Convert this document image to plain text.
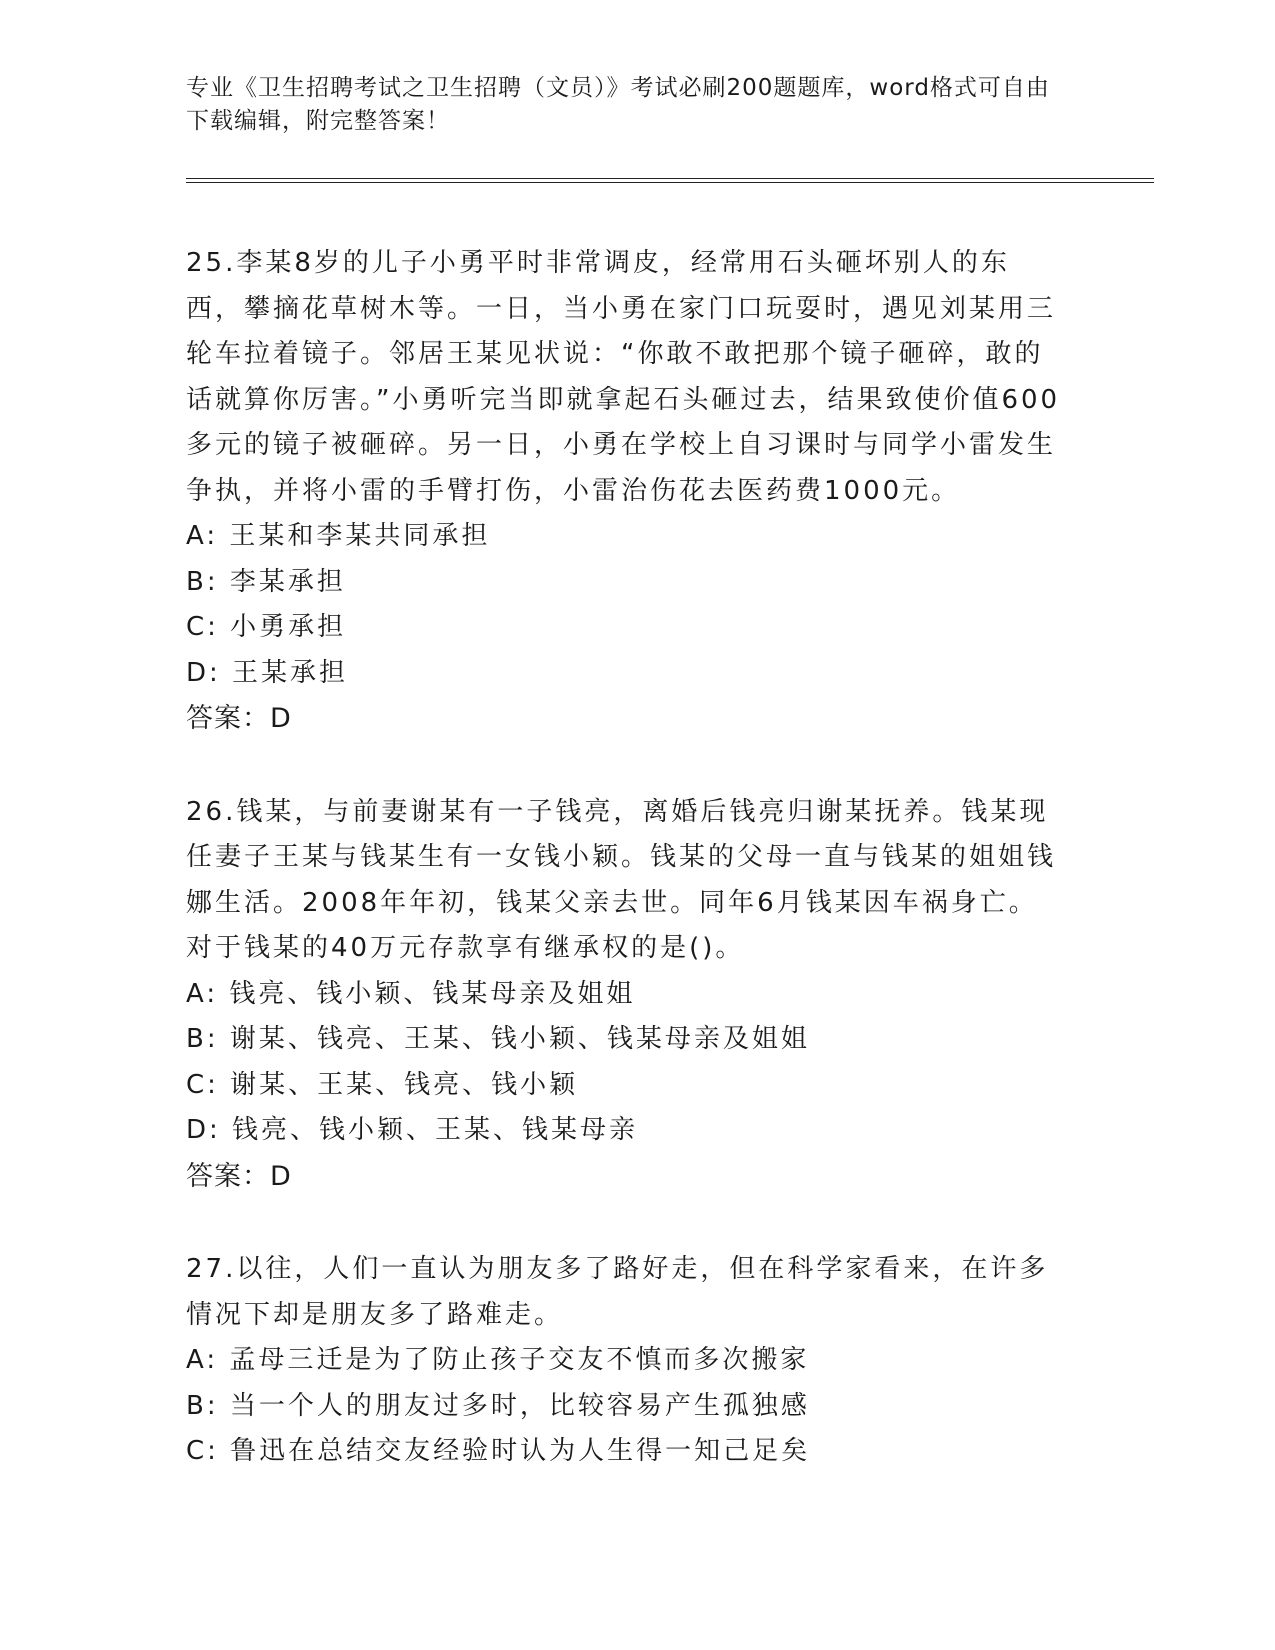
专业《卫生招聘考试之卫生招聘（文员）》考试必刷200题题库，word格式可自由下载编辑，附完整答案！

25.李某8岁的儿子小勇平时非常调皮，经常用石头砸坏别人的东西，攀摘花草树木等。一日，当小勇在家门口玩耍时，遇见刘某用三轮车拉着镜子。邻居王某见状说：“你敢不敢把那个镜子砸碎，敢的话就算你厉害。”小勇听完当即就拿起石头砸过去，结果致使价值600多元的镜子被砸碎。另一日，小勇在学校上自习课时与同学小雷发生争执，并将小雷的手臂打伤，小雷治伤花去医药费1000元。

A: 王某和李某共同承担

B: 李某承担

C: 小勇承担

D: 王某承担

答案：D

26.钱某，与前妻谢某有一子钱亮，离婚后钱亮归谢某抚养。钱某现任妻子王某与钱某生有一女钱小颖。钱某的父母一直与钱某的姐姐钱娜生活。2008年年初，钱某父亲去世。同年6月钱某因车祸身亡。对于钱某的40万元存款享有继承权的是()。

A: 钱亮、钱小颖、钱某母亲及姐姐

B: 谢某、钱亮、王某、钱小颖、钱某母亲及姐姐

C: 谢某、王某、钱亮、钱小颖

D: 钱亮、钱小颖、王某、钱某母亲

答案：D

27.以往，人们一直认为朋友多了路好走，但在科学家看来，在许多情况下却是朋友多了路难走。

A: 孟母三迁是为了防止孩子交友不慎而多次搬家

B: 当一个人的朋友过多时，比较容易产生孤独感

C: 鲁迅在总结交友经验时认为人生得一知己足矣
